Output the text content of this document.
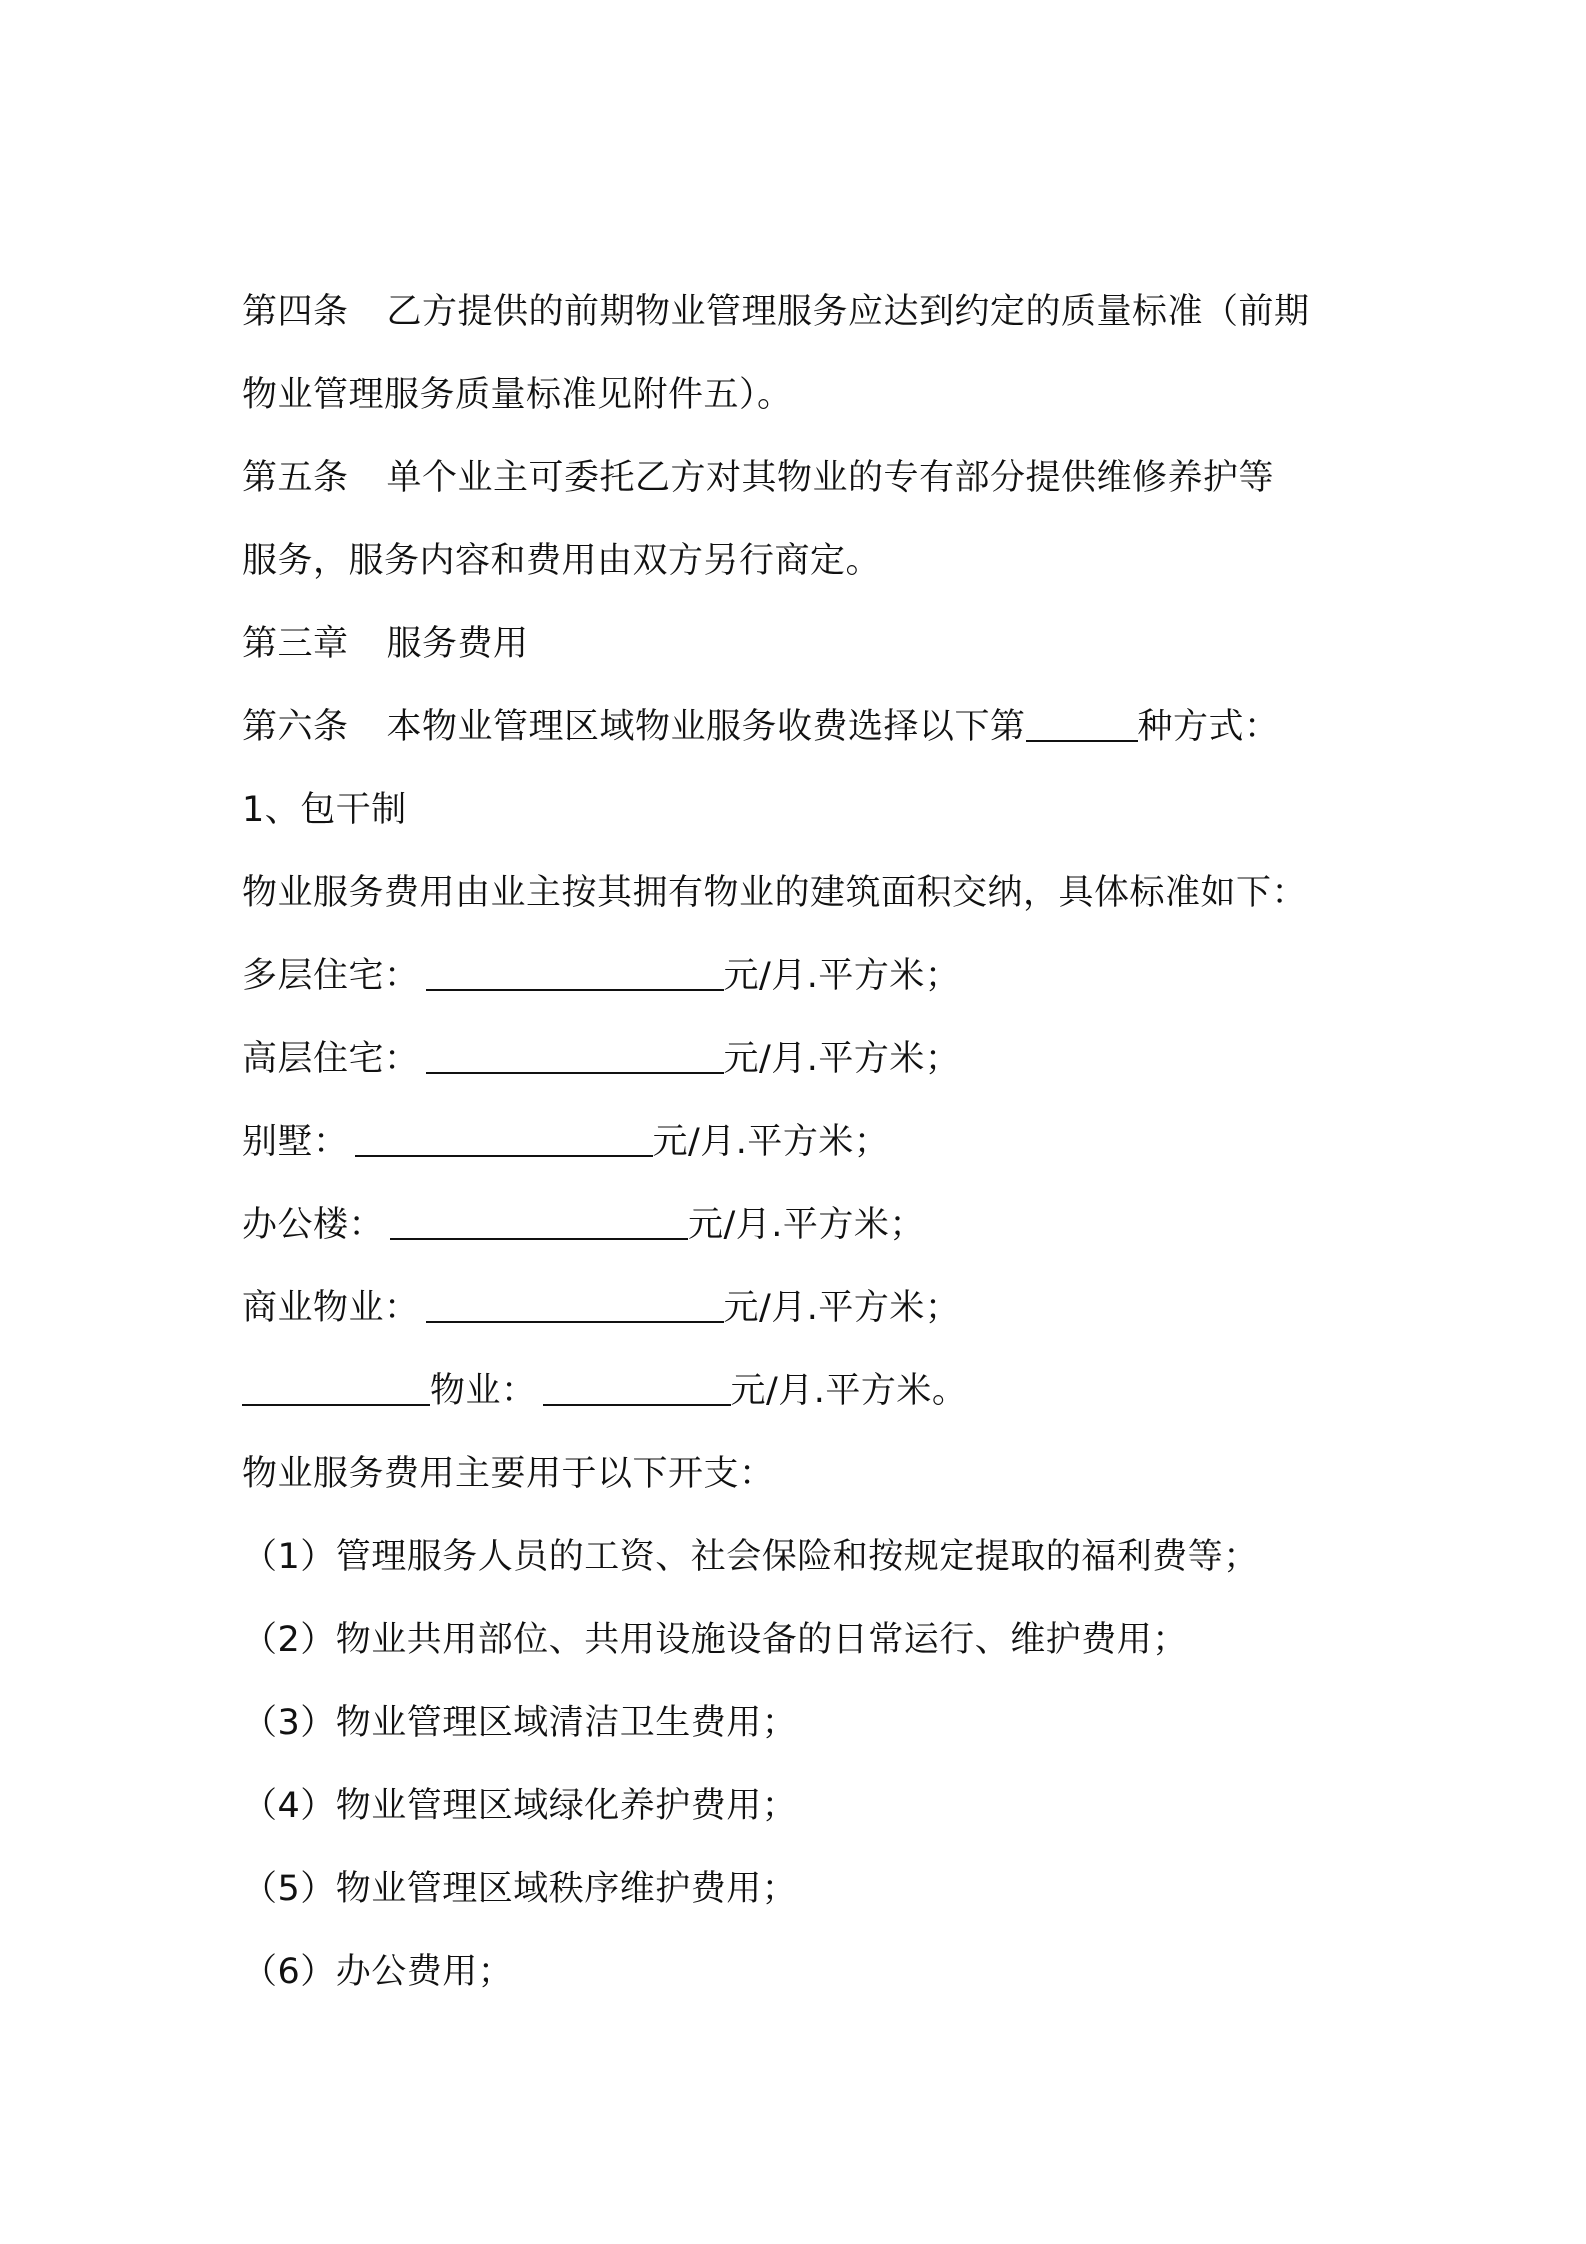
第四条 乙方提供的前期物业管理服务应达到约定的质量标准（前期
物业管理服务质量标准见附件五）。
第五条 单个业主可委托乙方对其物业的专有部分提供维修养护等
服务，服务内容和费用由双方另行商定。
第三章 服务费用
第六条 本物业管理区域物业服务收费选择以下第	种方式：
1、包干制
物业服务费用由业主按其拥有物业的建筑面积交纳，具体标准如下：
多层住宅：	元/月.平方米；
高层住宅：	元/月.平方米；
别墅：	元/月.平方米；
办公楼：	元/月.平方米；
商业物业：	元/月.平方米；
物业：	元/月.平方米。
物业服务费用主要用于以下开支：
（1）管理服务人员的工资、社会保险和按规定提取的福利费等；
（2）物业共用部位、共用设施设备的日常运行、维护费用；
（3）物业管理区域清洁卫生费用；
（4）物业管理区域绿化养护费用；
（5）物业管理区域秩序维护费用；
（6）办公费用；
